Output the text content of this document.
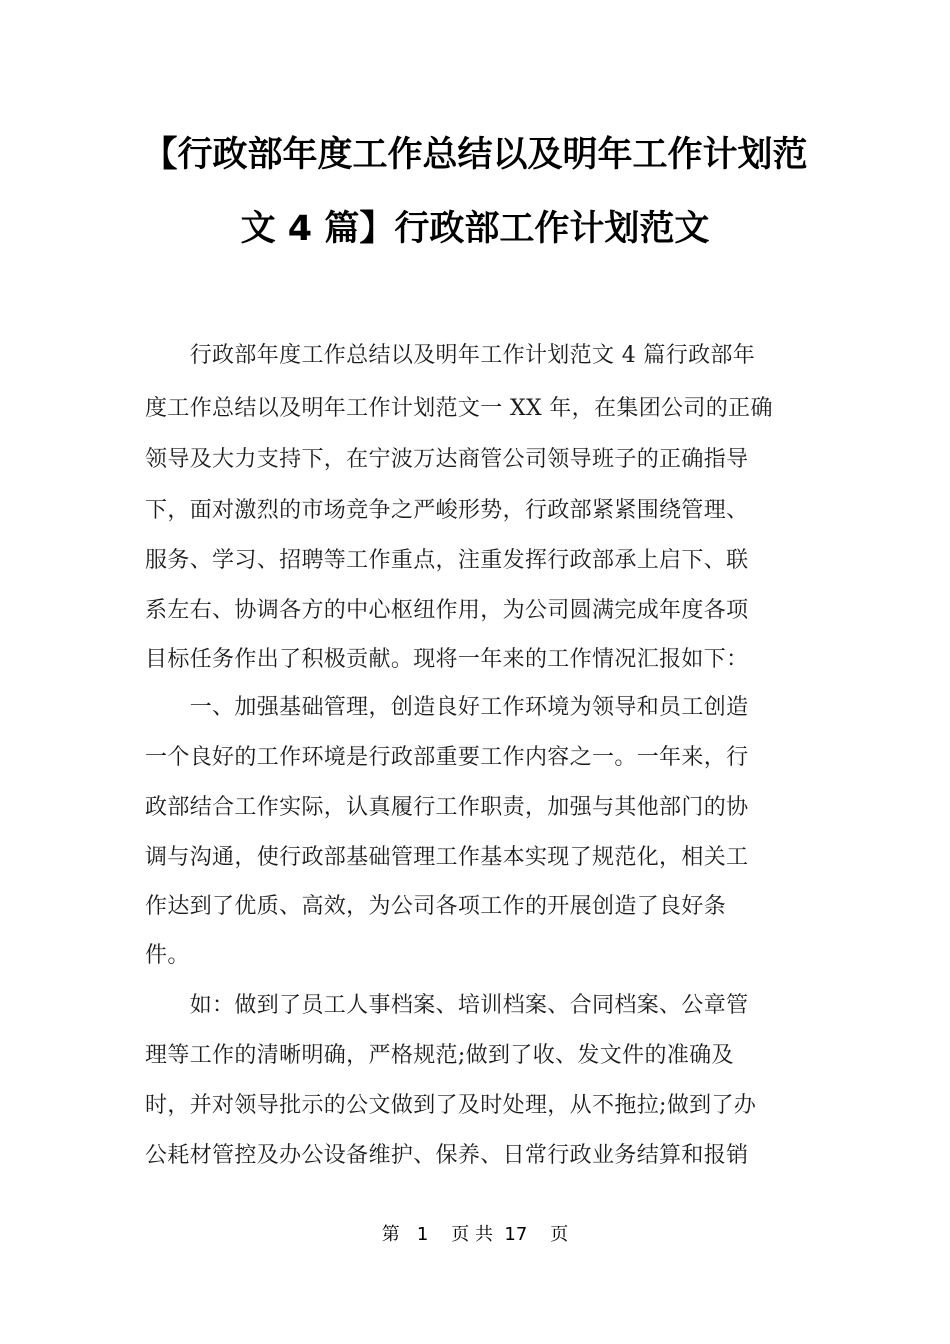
【行政部年度工作总结以及明年工作计划范
文 4 篇】行政部工作计划范文
　　行政部年度工作总结以及明年工作计划范文 4 篇行政部年
度工作总结以及明年工作计划范文一 XX 年，在集团公司的正确
领导及大力支持下，在宁波万达商管公司领导班子的正确指导
下，面对激烈的市场竞争之严峻形势，行政部紧紧围绕管理、
服务、学习、招聘等工作重点，注重发挥行政部承上启下、联
系左右、协调各方的中心枢纽作用，为公司圆满完成年度各项
目标任务作出了积极贡献。现将一年来的工作情况汇报如下：
　　一、加强基础管理，创造良好工作环境为领导和员工创造
一个良好的工作环境是行政部重要工作内容之一。一年来，行
政部结合工作实际，认真履行工作职责，加强与其他部门的协
调与沟通，使行政部基础管理工作基本实现了规范化，相关工
作达到了优质、高效，为公司各项工作的开展创造了良好条
件。
　　如：做到了员工人事档案、培训档案、合同档案、公章管
理等工作的清晰明确，严格规范;做到了收、发文件的准确及
时，并对领导批示的公文做到了及时处理，从不拖拉;做到了办
公耗材管控及办公设备维护、保养、日常行政业务结算和报销
第   1    页 共  17    页
